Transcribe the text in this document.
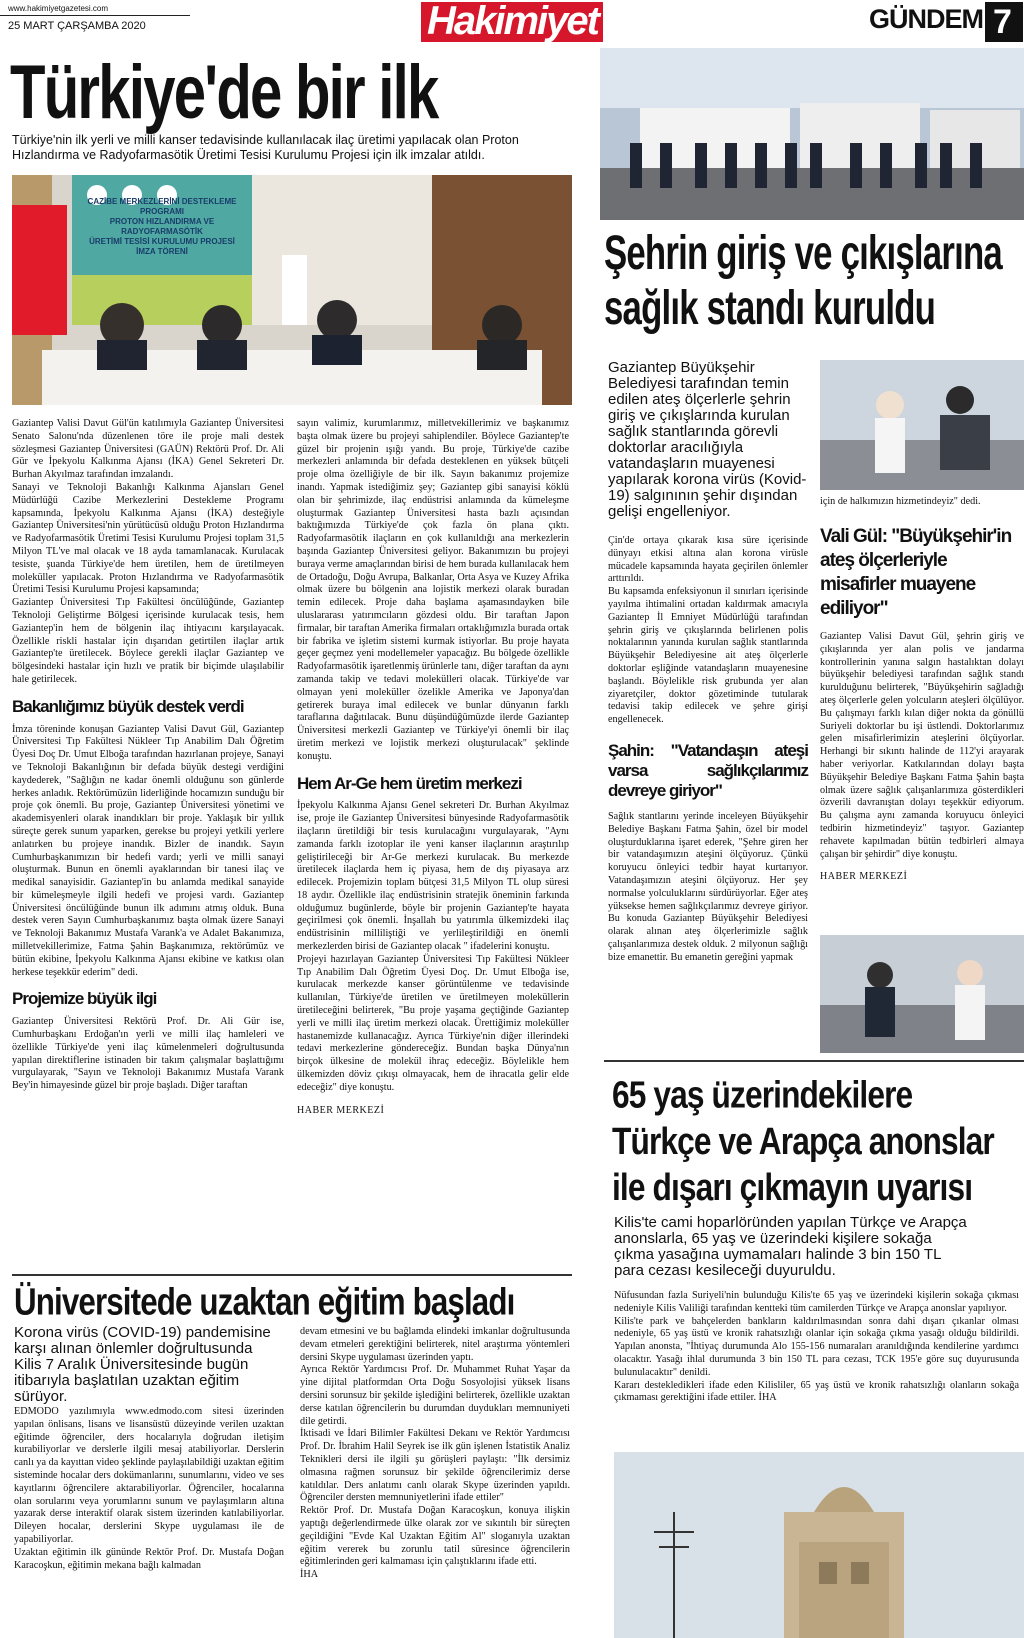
www.hakimiyetgazetesi.com
25 MART ÇARŞAMBA 2020	Hakimiyet	GÜNDEM 7
Türkiye'de bir ilk
Türkiye'nin ilk yerli ve milli kanser tedavisinde kullanılacak ilaç üretimi yapılacak olan Proton Hızlandırma ve Radyofarmasötik Üretimi Tesisi Kurulumu Projesi için ilk imzalar atıldı.
CAZİBE MERKEZLERİNİ DESTEKLEME PROGRAMI
PROTON HIZLANDIRMA VE RADYOFARMASÖTİK
ÜRETİMİ TESİSİ KURULUMU PROJESİ
İMZA TÖRENİ

Gaziantep Valisi Davut Gül'ün katılımıyla Gaziantep Üniversitesi Senato Salonu'nda düzenlenen töre ile proje mali destek sözleşmesi Gaziantep Üniversitesi (GAÜN) Rektörü Prof. Dr. Ali Gür ve İpekyolu Kalkınma Ajansı (İKA) Genel Sekreteri Dr. Burhan Akyılmaz tarafından imzalandı.

Sanayi ve Teknoloji Bakanlığı Kalkınma Ajansları Genel Müdürlüğü Cazibe Merkezlerini Destekleme Programı kapsamında, İpekyolu Kalkınma Ajansı (İKA) desteğiyle Gaziantep Üniversitesi'nin yürütücüsü olduğu Proton Hızlandırma ve Radyofarmasötik Üretimi Tesisi Kurulumu Projesi toplam 31,5 Milyon TL've mal olacak ve 18 ayda tamamlanacak. Kurulacak tesiste, şuanda Türkiye'de hem üretilen, hem de üretilmeyen moleküller yapılacak. Proton Hızlandırma ve Radyofarmasötik Üretimi Tesisi Kurulumu Projesi kapsamında;

Gaziantep Üniversitesi Tıp Fakültesi öncülüğünde, Gaziantep Teknoloji Geliştirme Bölgesi içerisinde kurulacak tesis, hem Gaziantep'in hem de bölgenin ilaç ihtiyacını karşılayacak. Özellikle riskli hastalar için dışarıdan getirtilen ilaçlar artık Gaziantep'te üretilecek. Böylece gerekli ilaçlar Gaziantep ve bölgesindeki hastalar için hızlı ve pratik bir biçimde ulaşılabilir hale getirilecek.

Bakanlığımız büyük destek verdi

İmza töreninde konuşan Gaziantep Valisi Davut Gül, Gaziantep Üniversitesi Tıp Fakültesi Nükleer Tıp Anabilim Dalı Öğretim Üyesi Doç Dr. Umut Elboğa tarafından hazırlanan projeye, Sanayi ve Teknoloji Bakanlığının bir defada büyük destegi verdiğini kaydederek, "Sağlığın ne kadar önemli olduğunu son günlerde herkes anladık. Rektörümüzün liderliğinde hocamızın sunduğu bir proje çok önemli. Bu proje, Gaziantep Üniversitesi yönetimi ve akademisyenleri olarak inandıkları bir proje. Yaklaşık bir yıllık süreçte gerek sunum yaparken, gerekse bu projeyi yetkili yerlere anlatırken bu projeye inandık. Bizler de inandık. Sayın Cumhurbaşkanımızın bir hedefi vardı; yerli ve milli sanayi oluşturmak. Bunun en önemli ayaklarından bir tanesi ilaç ve medikal sanayisidir. Gaziantep'in bu anlamda medikal sanayide bir kümeleşmeyle ilgili hedefi ve projesi vardı. Gaziantep Üniversitesi öncülüğünde bunun ilk adımını atmış olduk. Buna destek veren Sayın Cumhurbaşkanımız başta olmak üzere Sanayi ve Teknoloji Bakanımız Mustafa Varank'a ve Adalet Bakanımıza, milletvekillerimize, Fatma Şahin Başkanımıza, rektörümüz ve bütün ekibine, İpekyolu Kalkınma Ajansı ekibine ve katkısı olan herkese teşekkür ederim" dedi.

Projemize büyük ilgi

Gaziantep Üniversitesi Rektörü Prof. Dr. Ali Gür ise, Cumhurbaşkanı Erdoğan'ın yerli ve milli ilaç hamleleri ve özellikle Türkiye'de yeni ilaç kümelenmeleri doğrultusunda yapılan direktiflerine istinaden bir takım çalışmalar başlattığımı vurgulayarak, "Sayın ve Teknoloji Bakanımız Mustafa Varank Bey'in himayesinde güzel bir proje başladı. Diğer taraftan

sayın valimiz, kurumlarımız, milletvekillerimiz ve başkanımız başta olmak üzere bu projeyi sahiplendiler. Böylece Gaziantep'te güzel bir projenin ışığı yandı. Bu proje, Türkiye'de cazibe merkezleri anlamında bir defada desteklenen en yüksek bütçeli proje olma özelliğiyle de bir ilk. Sayın bakanımız projemize inandı. Yapmak istediğimiz şey; Gaziantep gibi sanayisi köklü olan bir şehrimizde, ilaç endüstrisi anlamında da kümeleşme oluşturmak Gaziantep Üniversitesi hasta bazlı açısından baktığımızda Türkiye'de çok fazla ön plana çıktı. Radyofarmasötik ilaçların en çok kullanıldığı ana merkezlerin başında Gaziantep Üniversitesi geliyor. Bakanımızın bu projeyi buraya verme amaçlarından birisi de hem burada kullanılacak hem de Ortadoğu, Doğu Avrupa, Balkanlar, Orta Asya ve Kuzey Afrika olmak üzere bu bölgenin ana lojistik merkezi olarak buradan temin edilecek. Proje daha başlama aşamasındayken bile uluslararası yatırımcıların gözdesi oldu. Bir taraftan Japon firmalar, bir taraftan Amerika firmaları ortaklığımızla burada ortak bir fabrika ve işletim sistemi kurmak istiyorlar. Bu proje hayata geçer geçmez yeni modellemeler yapacağız. Bu bölgede özellikle Radyofarmasötik işaretlenmiş ürünlerle tanı, diğer taraftan da aynı zamanda takip ve tedavi molekülleri olacak. Türkiye'de var olmayan yeni moleküller özelikle Amerika ve Japonya'dan getirerek buraya imal edilecek ve bunlar dünyanın farklı taraflarına dağıtılacak. Bunu düşündüğümüzde ilerde Gaziantep Üniversitesi merkezli Gaziantep ve Türkiye'yi önemli bir ilaç üretim merkezi ve lojistik merkezi oluşturulacak" şeklinde konuştu.

Hem Ar-Ge hem üretim merkezi

İpekyolu Kalkınma Ajansı Genel sekreteri Dr. Burhan Akyılmaz ise, proje ile Gaziantep Üniversitesi bünyesinde Radyofarmasötik ilaçların üretildiği bir tesis kurulacağını vurgulayarak, "Aynı zamanda farklı izotoplar ile yeni kanser ilaçlarının araştırılıp geliştirileceği bir Ar-Ge merkezi kurulacak. Bu merkezde üretilecek ilaçlarda hem iç piyasa, hem de dış piyasaya arz edilecek. Projemizin toplam bütçesi 31,5 Milyon TL olup süresi 18 aydır. Özellikle ilaç endüstrisinin stratejik öneminin farkında olduğumuz bugünlerde, böyle bir projenin Gaziantep'te hayata geçirilmesi çok önemli. İnşallah bu yatırımla ülkemizdeki ilaç endüstrisinin milliliştiği ve yerlileştirildiği en önemli merkezlerden birisi de Gaziantep olacak " ifadelerini konuştu.

Projeyi hazırlayan Gaziantep Üniversitesi Tıp Fakültesi Nükleer Tıp Anabilim Dalı Öğretim Üyesi Doç. Dr. Umut Elboğa ise, kurulacak merkezde kanser görüntülenme ve tedavisinde kullanılan, Türkiye'de üretilen ve üretilmeyen moleküllerin üretileceğini belirterek, "Bu proje yaşama geçtiğinde Gaziantep yerli ve milli ilaç üretim merkezi olacak. Ürettiğimiz moleküller hastanemizde kullanacağız. Ayrıca Türkiye'nin diğer illerindeki tedavi merkezlerine göndereceğiz. Bundan başka Dünya'nın birçok ülkesine de molekül ihraç edeceğiz. Böylelikle hem ülkemizden döviz çıkışı olmayacak, hem de ihracatla gelir elde edeceğiz" diye konuştu.

HABER MERKEZİ
Üniversitede uzaktan eğitim başladı
Korona virüs (COVID-19) pandemisine karşı alınan önlemler doğrultusunda Kilis 7 Aralık Üniversitesinde bugün itibarıyla başlatılan uzaktan eğitim sürüyor.

EDMODO yazılımıyla www.edmodo.com sitesi üzerinden yapılan önlisans, lisans ve lisansüstü düzeyinde verilen uzaktan eğitimde öğrenciler, ders hocalarıyla doğrudan iletişim kurabiliyorlar ve derslerle ilgili mesaj atabiliyorlar. Derslerin canlı ya da kayıttan video şeklinde paylaşılabildiği uzaktan eğitim sisteminde hocalar ders dokümanlarını, sunumlarını, video ve ses kayıtlarını öğrencilere aktarabiliyorlar. Öğrenciler, hocalarına olan sorularını veya yorumlarını sunum ve paylaşımların altına yazarak derse interaktif olarak sistem üzerinden katılabiliyorlar. Dileyen hocalar, derslerini Skype uygulaması ile de yapabiliyorlar.

Uzaktan eğitimin ilk gününde Rektör Prof. Dr. Mustafa Doğan Karacoşkun, eğitimin mekana bağlı kalmadan

devam etmesini ve bu bağlamda elindeki imkanlar doğrultusunda devam etmeleri gerektiğini belirterek, nitel araştırma yöntemleri dersini Skype uygulaması üzerinden yaptı.

Ayrıca Rektör Yardımcısı Prof. Dr. Muhammet Ruhat Yaşar da yine dijital platformdan Orta Doğu Sosyolojisi yüksek lisans dersini sorunsuz bir şekilde işlediğini belirterek, özellikle uzaktan derse katılan öğrencilerin bu durumdan duydukları memnuniyeti dile getirdi.

İktisadi ve İdari Bilimler Fakültesi Dekanı ve Rektör Yardımcısı Prof. Dr. İbrahim Halil Seyrek ise ilk gün işlenen İstatistik Analiz Teknikleri dersi ile ilgili şu görüşleri paylaştı: "İlk dersimiz olmasına rağmen sorunsuz bir şekilde öğrencilerimiz derse katıldılar. Ders anlatımı canlı olarak Skype üzerinden yapıldı. Öğrenciler dersten memnuniyetlerini ifade ettiler"

Rektör Prof. Dr. Mustafa Doğan Karacoşkun, konuya ilişkin yaptığı değerlendirmede ülke olarak zor ve sıkıntılı bir süreçten geçildiğini "Evde Kal Uzaktan Eğitim Al" sloganıyla uzaktan eğitim vererek bu zorunlu tatil süresince öğrencilerin eğitimlerinden geri kalmaması için çalıştıklarını ifade etti.

İHA

Şehrin giriş ve çıkışlarına
sağlık standı kuruldu
Gaziantep Büyükşehir Belediyesi tarafından temin edilen ateş ölçerlerle şehrin giriş ve çıkışlarında kurulan sağlık stantlarında görevli doktorlar aracılığıyla vatandaşların muayenesi yapılarak korona virüs (Kovid-19) salgınının şehir dışından gelişi engelleniyor.
için de halkımızın hizmetindeyiz" dedi.

Çin'de ortaya çıkarak kısa süre içerisinde dünyayı etkisi altına alan korona virüsle mücadele kapsamında hayata geçirilen önlemler arttırıldı.

Bu kapsamda enfeksiyonun il sınırları içerisinde yayılma ihtimalini ortadan kaldırmak amacıyla Gaziantep İl Emniyet Müdürlüğü tarafından şehrin giriş ve çıkışlarında belirlenen polis noktalarının yanında kurulan sağlık stantlarında Büyükşehir Belediyesine ait ateş ölçerlerle doktorlar eşliğinde vatandaşların muayenesine başlandı. Böylelikle risk grubunda yer alan ziyaretçiler, doktor gözetiminde tutularak tedavisi takip edilecek ve şehre girişi engellenecek.

Şahin: "Vatandaşın ateşi varsa sağlıkçılarımız devreye giriyor"

Sağlık stantlarını yerinde inceleyen Büyükşehir Belediye Başkanı Fatma Şahin, özel bir model oluşturduklarına işaret ederek, "Şehre giren her bir vatandaşımızın ateşini ölçüyoruz. Çünkü koruyucu önleyici tedbir hayat kurtarıyor. Vatandaşımızın ateşini ölçüyoruz. Her şey normalse yolculuklarını sürdürüyorlar. Eğer ateş yüksekse hemen sağlıkçılarımız devreye giriyor. Bu konuda Gaziantep Büyükşehir Belediyesi olarak alınan ateş ölçerlerimizle sağlık çalışanlarımıza destek olduk. 2 milyonun sağlığı bize emanettir. Bu emanetin gereğini yapmak

Vali Gül: "Büyükşehir'in ateş ölçerleriyle misafirler muayene ediliyor"

Gaziantep Valisi Davut Gül, şehrin giriş ve çıkışlarında yer alan polis ve jandarma kontrollerinin yanına salgın hastalıktan dolayı büyükşehir belediyesi tarafından sağlık standı kurulduğunu belirterek, "Büyükşehirin sağladığı ateş ölçerlerle gelen yolcuların ateşleri ölçülüyor. Bu çalışmayı farklı kılan diğer nokta da gönüllü Suriyeli doktorlar bu işi üstlendi. Doktorlarımız gelen misafirlerimizin ateşlerini ölçüyorlar. Herhangi bir sıkıntı halinde de 112'yi arayarak haber veriyorlar. Katkılarından dolayı başta Büyükşehir Belediye Başkanı Fatma Şahin başta olmak üzere sağlık çalışanlarımıza gösterdikleri özverili davranıştan dolayı teşekkür ediyorum. Bu çalışma aynı zamanda koruyucu önleyici tedbirin hizmetindeyiz" taşıyor. Gaziantep rehavete kapılmadan bütün tedbirleri almaya çalışan bir şehirdir" diye konuştu.

HABER MERKEZİ
65 yaş üzerindekilere
Türkçe ve Arapça anonslar
ile dışarı çıkmayın uyarısı
Kilis'te cami hoparlöründen yapılan Türkçe ve Arapça anonslarla, 65 yaş ve üzerindeki kişilere sokağa çıkma yasağına uymamaları halinde 3 bin 150 TL para cezası kesileceği duyuruldu.

Nüfusundan fazla Suriyeli'nin bulunduğu Kilis'te 65 yaş ve üzerindeki kişilerin sokağa çıkması nedeniyle Kilis Valiliği tarafından kentteki tüm camilerden Türkçe ve Arapça anonslar yapılıyor.

Kilis'te park ve bahçelerden bankların kaldırılmasından sonra dahi dışarı çıkanlar olması nedeniyle, 65 yaş üstü ve kronik rahatsızlığı olanlar için sokağa çıkma yasağı olduğu bildirildi. Yapılan anonsta, "İhtiyaç durumunda Alo 155-156 numaraları aranıldığında kendilerine yardımcı olacaktır. Yasağı ihlal durumunda 3 bin 150 TL para cezası, TCK 195'e göre suç duyurusunda bulunulacaktır" denildi.

Kararı destekledikleri ifade eden Kilisliler, 65 yaş üstü ve kronik rahatsızlığı olanların sokağa çıkmaması gerektiğini ifade ettiler. İHA
